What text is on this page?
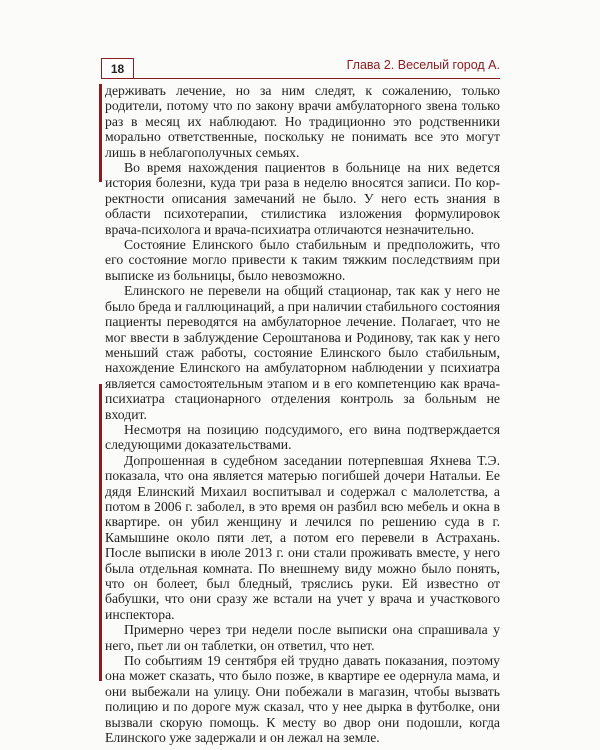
18	Глава 2. Веселый город А.

держивать лечение, но за ним следят, к сожалению, только родители, потому что по закону врачи амбулаторного звена только раз в месяц их наблюдают. Но традиционно это родственники морально ответственные, поскольку не понимать все это могут лишь в неблагополучных семьях.

Во время нахождения пациентов в больнице на них ведется история болезни, куда три раза в неделю вносятся записи. По корректности описания замечаний не было. У него есть знания в области психотерапии, стилистика изложения формулировок врача-психолога и врача-психиатра отличаются незначительно.

Состояние Елинского было стабильным и предположить, что его состояние могло привести к таким тяжким последствиям при выписке из больницы, было невозможно.

Елинского не перевели на общий стационар, так как у него не было бреда и галлюцинаций, а при наличии стабильного состояния пациенты переводятся на амбулаторное лечение. Полагает, что не мог ввести в заблуждение Сероштанова и Родинову, так как у него меньший стаж работы, состояние Елинского было стабильным, нахождение Елинского на амбулаторном наблюдении у психиатра является самостоятельным этапом и в его компетенцию как врача-психиатра стационарного отделения контроль за больным не входит.

Несмотря на позицию подсудимого, его вина подтверждается следующими доказательствами.

Допрошенная в судебном заседании потерпевшая Яхнева Т.Э. показала, что она является матерью погибшей дочери Натальи. Ее дядя Елинский Михаил воспитывал и содержал с малолетства, а потом в 2006 г. заболел, в это время он разбил всю мебель и окна в квартире. он убил женщину и лечился по решению суда в г. Камышине около пяти лет, а потом его перевели в Астрахань. После выписки в июле 2013 г. они стали проживать вместе, у него была отдельная комната. По внешнему виду можно было понять, что он болеет, был бледный, тряслись руки. Ей известно от бабушки, что они сразу же встали на учет у врача и участкового инспектора.

Примерно через три недели после выписки она спрашивала у него, пьет ли он таблетки, он ответил, что нет.

По событиям 19 сентября ей трудно давать показания, поэтому она может сказать, что было позже, в квартире ее одернула мама, и они выбежали на улицу. Они побежали в магазин, чтобы вызвать полицию и по дороге муж сказал, что у нее дырка в футболке, они вызвали скорую помощь. К месту во двор они подошли, когда Елинского уже задержали и он лежал на земле.
